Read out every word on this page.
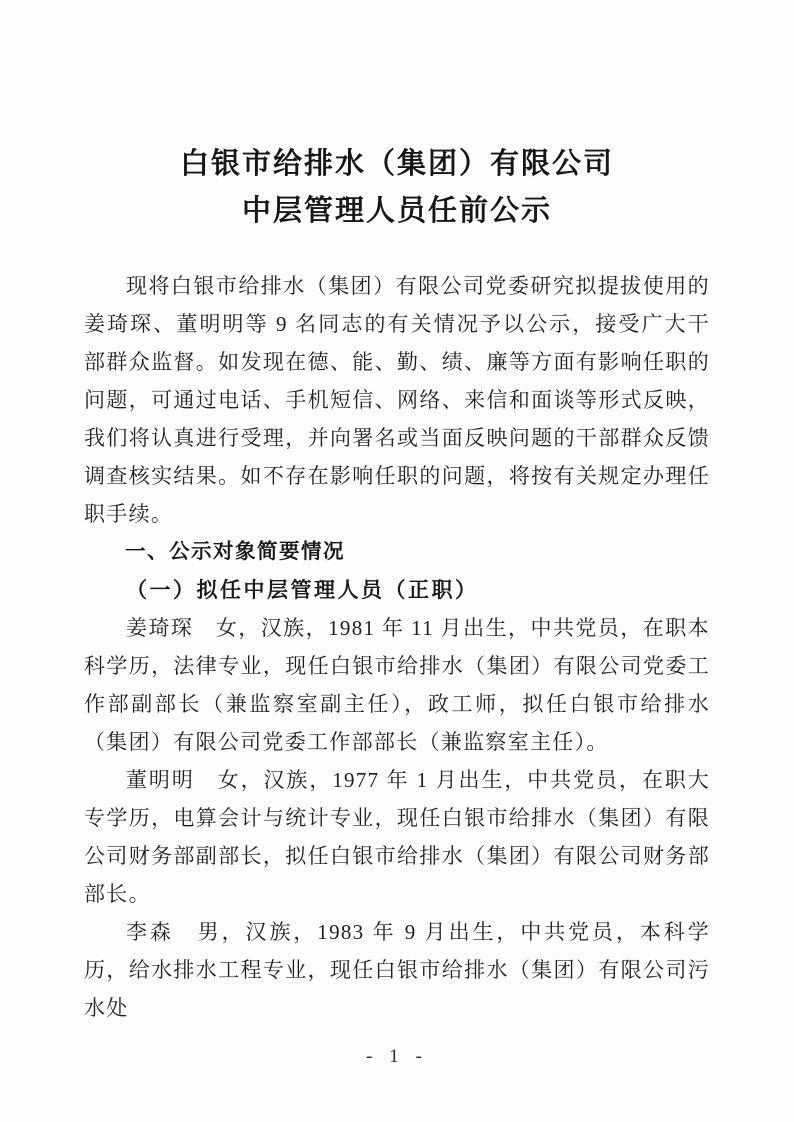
白银市给排水（集团）有限公司
中层管理人员任前公示

现将白银市给排水（集团）有限公司党委研究拟提拔使用的姜琦琛、董明明等 9 名同志的有关情况予以公示，接受广大干部群众监督。如发现在德、能、勤、绩、廉等方面有影响任职的问题，可通过电话、手机短信、网络、来信和面谈等形式反映，我们将认真进行受理，并向署名或当面反映问题的干部群众反馈调查核实结果。如不存在影响任职的问题，将按有关规定办理任职手续。

一、公示对象简要情况

（一）拟任中层管理人员（正职）

姜琦琛　女，汉族，1981 年 11 月出生，中共党员，在职本科学历，法律专业，现任白银市给排水（集团）有限公司党委工作部副部长（兼监察室副主任），政工师，拟任白银市给排水（集团）有限公司党委工作部部长（兼监察室主任）。

董明明　女，汉族，1977 年 1 月出生，中共党员，在职大专学历，电算会计与统计专业，现任白银市给排水（集团）有限公司财务部副部长，拟任白银市给排水（集团）有限公司财务部部长。

李森　男，汉族，1983 年 9 月出生，中共党员，本科学历，给水排水工程专业，现任白银市给排水（集团）有限公司污水处

- 1 -
